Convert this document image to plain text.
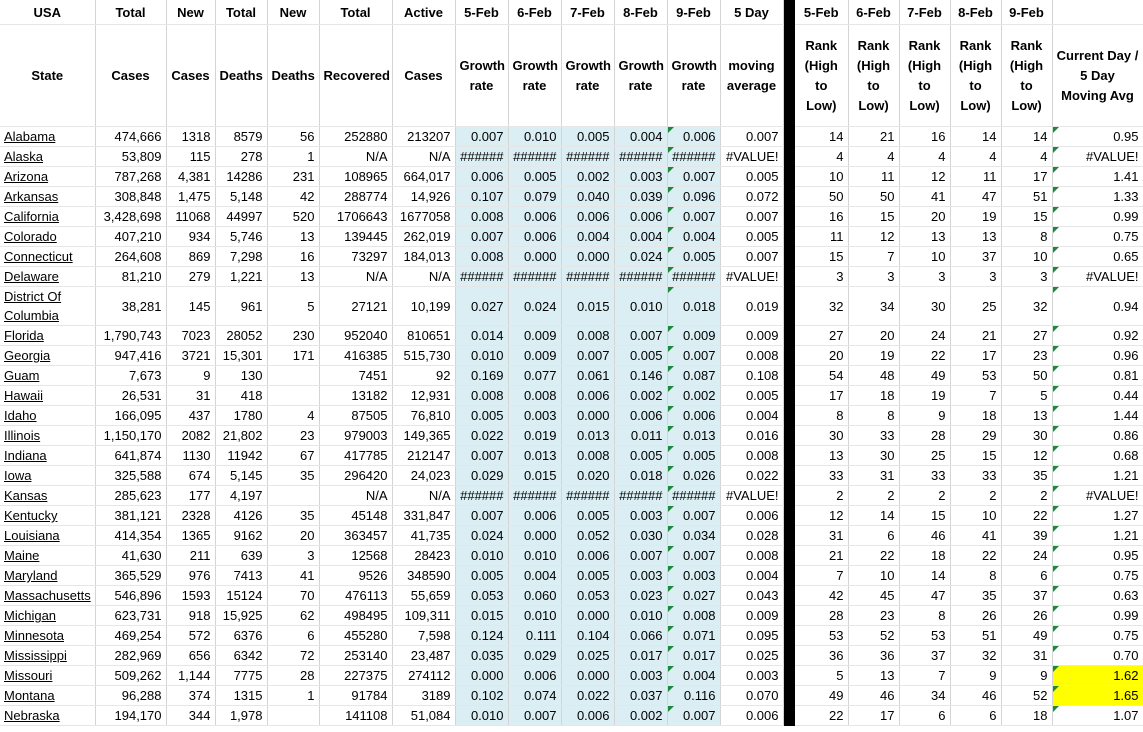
USA	Total	New	Total	New	Total	Active	5-Feb	6-Feb	7-Feb	8-Feb	9-Feb	5 Day		5-Feb	6-Feb	7-Feb	8-Feb	9-Feb	
State	Cases	Cases	Deaths	Deaths	Recovered	Cases	Growth rate	Growth rate	Growth rate	Growth rate	Growth rate	moving average		Rank (High to Low)	Rank (High to Low)	Rank (High to Low)	Rank (High to Low)	Rank (High to Low)	Current Day / 5 Day Moving Avg
Alabama	474,666	1318	8579	56	252880	213207	0.007	0.010	0.005	0.004	0.006	0.007		14	21	16	14	14	0.95
Alaska	53,809	115	278	1	N/A	N/A	######	######	######	######	######	#VALUE!		4	4	4	4	4	#VALUE!
Arizona	787,268	4,381	14286	231	108965	664,017	0.006	0.005	0.002	0.003	0.007	0.005		10	11	12	11	17	1.41
Arkansas	308,848	1,475	5,148	42	288774	14,926	0.107	0.079	0.040	0.039	0.096	0.072		50	50	41	47	51	1.33
California	3,428,698	11068	44997	520	1706643	1677058	0.008	0.006	0.006	0.006	0.007	0.007		16	15	20	19	15	0.99
Colorado	407,210	934	5,746	13	139445	262,019	0.007	0.006	0.004	0.004	0.004	0.005		11	12	13	13	8	0.75
Connecticut	264,608	869	7,298	16	73297	184,013	0.008	0.000	0.000	0.024	0.005	0.007		15	7	10	37	10	0.65
Delaware	81,210	279	1,221	13	N/A	N/A	######	######	######	######	######	#VALUE!		3	3	3	3	3	#VALUE!
District Of Columbia	38,281	145	961	5	27121	10,199	0.027	0.024	0.015	0.010	0.018	0.019		32	34	30	25	32	0.94
Florida	1,790,743	7023	28052	230	952040	810651	0.014	0.009	0.008	0.007	0.009	0.009		27	20	24	21	27	0.92
Georgia	947,416	3721	15,301	171	416385	515,730	0.010	0.009	0.007	0.005	0.007	0.008		20	19	22	17	23	0.96
Guam	7,673	9	130		7451	92	0.169	0.077	0.061	0.146	0.087	0.108		54	48	49	53	50	0.81
Hawaii	26,531	31	418		13182	12,931	0.008	0.008	0.006	0.002	0.002	0.005		17	18	19	7	5	0.44
Idaho	166,095	437	1780	4	87505	76,810	0.005	0.003	0.000	0.006	0.006	0.004		8	8	9	18	13	1.44
Illinois	1,150,170	2082	21,802	23	979003	149,365	0.022	0.019	0.013	0.011	0.013	0.016		30	33	28	29	30	0.86
Indiana	641,874	1130	11942	67	417785	212147	0.007	0.013	0.008	0.005	0.005	0.008		13	30	25	15	12	0.68
Iowa	325,588	674	5,145	35	296420	24,023	0.029	0.015	0.020	0.018	0.026	0.022		33	31	33	33	35	1.21
Kansas	285,623	177	4,197		N/A	N/A	######	######	######	######	######	#VALUE!		2	2	2	2	2	#VALUE!
Kentucky	381,121	2328	4126	35	45148	331,847	0.007	0.006	0.005	0.003	0.007	0.006		12	14	15	10	22	1.27
Louisiana	414,354	1365	9162	20	363457	41,735	0.024	0.000	0.052	0.030	0.034	0.028		31	6	46	41	39	1.21
Maine	41,630	211	639	3	12568	28423	0.010	0.010	0.006	0.007	0.007	0.008		21	22	18	22	24	0.95
Maryland	365,529	976	7413	41	9526	348590	0.005	0.004	0.005	0.003	0.003	0.004		7	10	14	8	6	0.75
Massachusetts	546,896	1593	15124	70	476113	55,659	0.053	0.060	0.053	0.023	0.027	0.043		42	45	47	35	37	0.63
Michigan	623,731	918	15,925	62	498495	109,311	0.015	0.010	0.000	0.010	0.008	0.009		28	23	8	26	26	0.99
Minnesota	469,254	572	6376	6	455280	7,598	0.124	0.111	0.104	0.066	0.071	0.095		53	52	53	51	49	0.75
Mississippi	282,969	656	6342	72	253140	23,487	0.035	0.029	0.025	0.017	0.017	0.025		36	36	37	32	31	0.70
Missouri	509,262	1,144	7775	28	227375	274112	0.000	0.006	0.000	0.003	0.004	0.003		5	13	7	9	9	1.62
Montana	96,288	374	1315	1	91784	3189	0.102	0.074	0.022	0.037	0.116	0.070		49	46	34	46	52	1.65
Nebraska	194,170	344	1,978		141108	51,084	0.010	0.007	0.006	0.002	0.007	0.006		22	17	6	6	18	1.07
